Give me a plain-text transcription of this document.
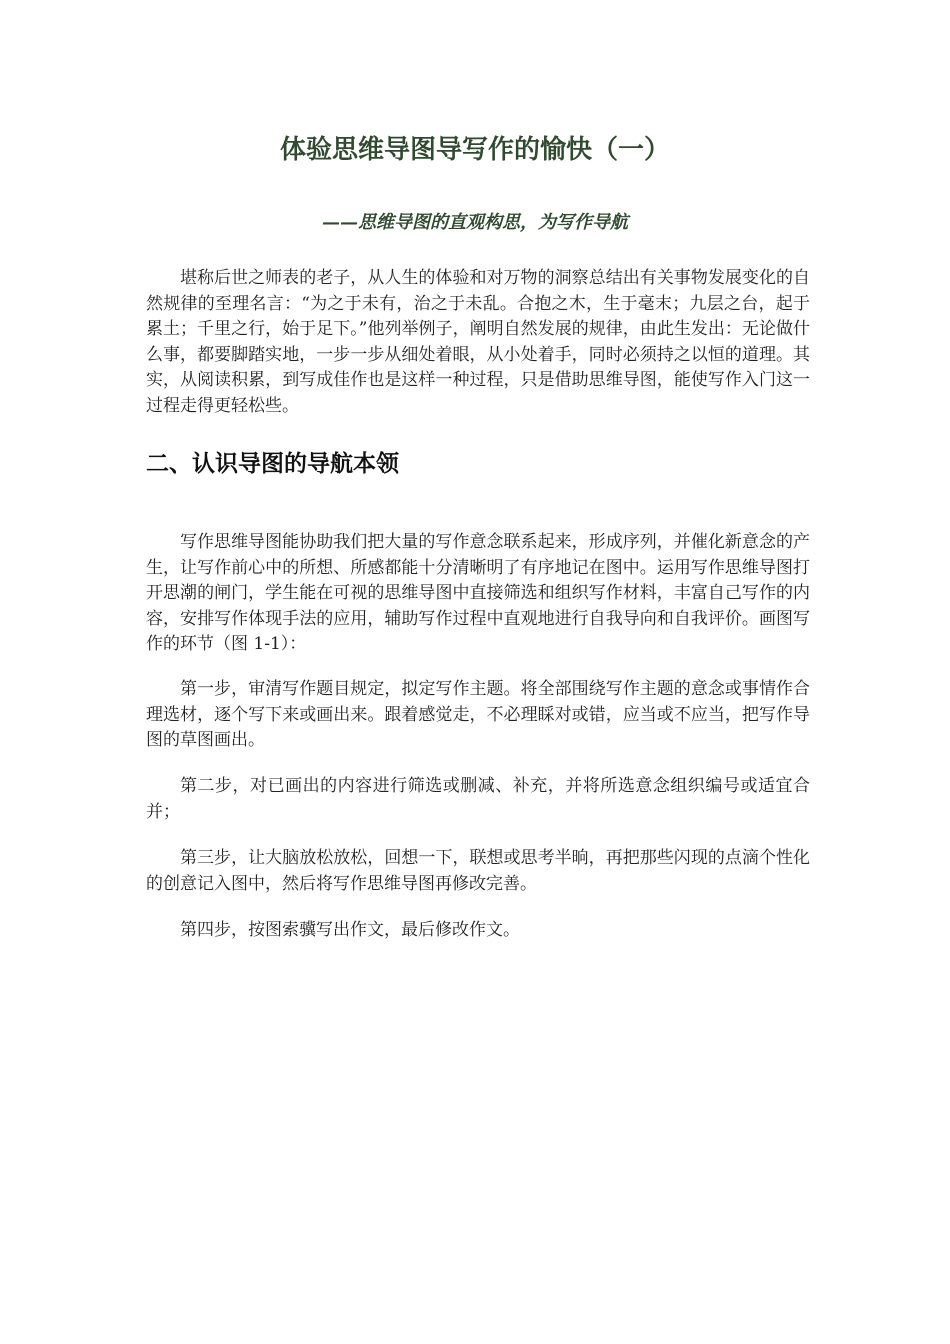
体验思维导图导写作的愉快（一）
——思维导图的直观构思，为写作导航

堪称后世之师表的老子，从人生的体验和对万物的洞察总结出有关事物发展变化的自然规律的至理名言：“为之于未有，治之于未乱。合抱之木，生于毫末；九层之台，起于累土；千里之行，始于足下。”他列举例子，阐明自然发展的规律，由此生发出：无论做什么事，都要脚踏实地，一步一步从细处着眼，从小处着手，同时必须持之以恒的道理。其实，从阅读积累，到写成佳作也是这样一种过程，只是借助思维导图，能使写作入门这一过程走得更轻松些。

二、认识导图的导航本领

写作思维导图能协助我们把大量的写作意念联系起来，形成序列，并催化新意念的产生，让写作前心中的所想、所感都能十分清晰明了有序地记在图中。运用写作思维导图打开思潮的闸门，学生能在可视的思维导图中直接筛选和组织写作材料，丰富自己写作的内容，安排写作体现手法的应用，辅助写作过程中直观地进行自我导向和自我评价。画图写作的环节（图 1-1）：

第一步，审清写作题目规定，拟定写作主题。将全部围绕写作主题的意念或事情作合理选材，逐个写下来或画出来。跟着感觉走，不必理睬对或错，应当或不应当，把写作导图的草图画出。

第二步，对已画出的内容进行筛选或删减、补充，并将所选意念组织编号或适宜合并；

第三步，让大脑放松放松，回想一下，联想或思考半晌，再把那些闪现的点滴个性化的创意记入图中，然后将写作思维导图再修改完善。

第四步，按图索骥写出作文，最后修改作文。
